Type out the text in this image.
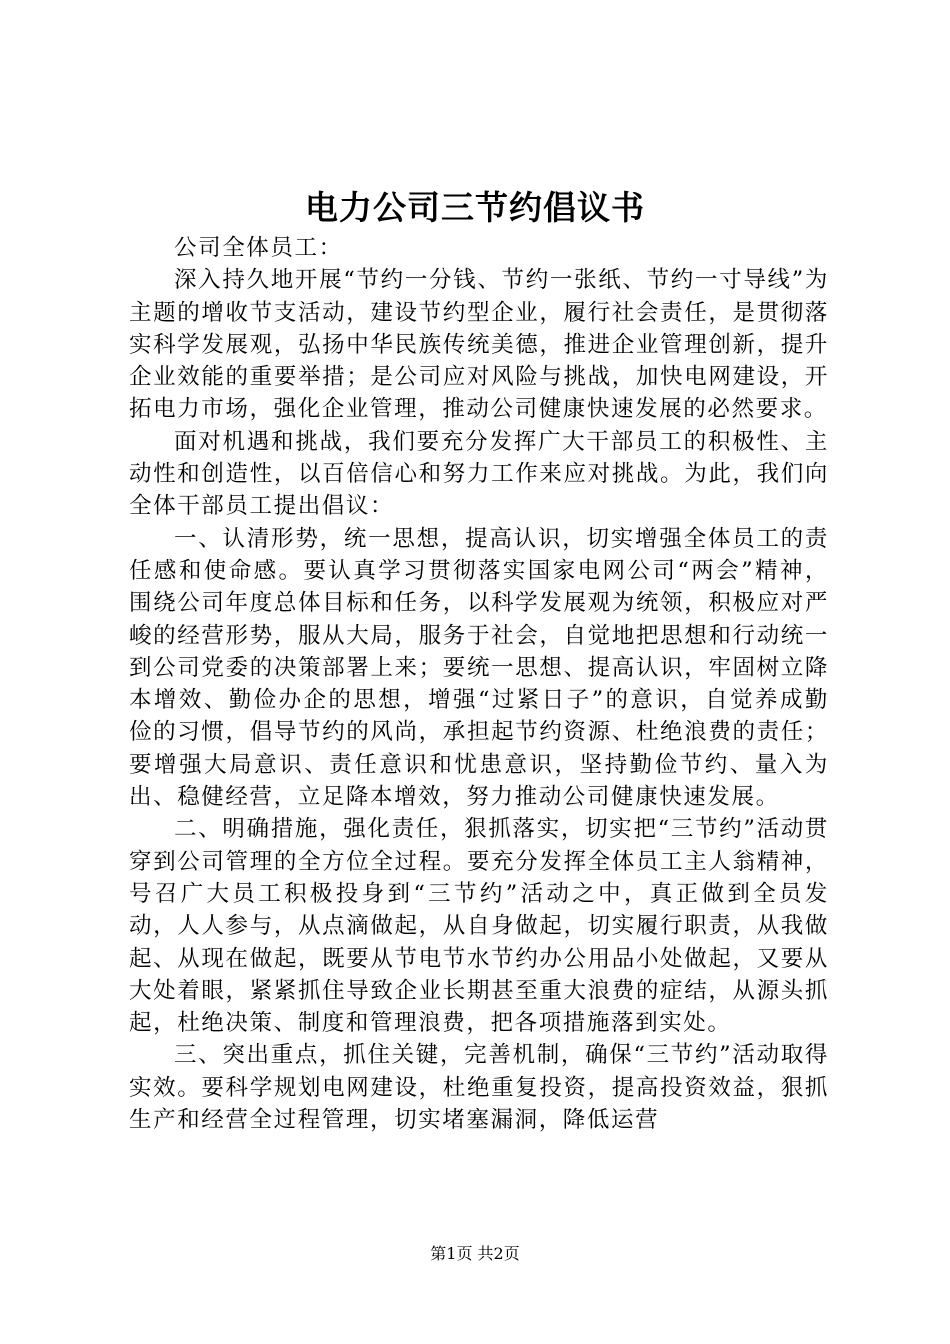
电力公司三节约倡议书

公司全体员工：

深入持久地开展“节约一分钱、节约一张纸、节约一寸导线”为主题的增收节支活动，建设节约型企业，履行社会责任，是贯彻落实科学发展观，弘扬中华民族传统美德，推进企业管理创新，提升企业效能的重要举措；是公司应对风险与挑战，加快电网建设，开拓电力市场，强化企业管理，推动公司健康快速发展的必然要求。

面对机遇和挑战，我们要充分发挥广大干部员工的积极性、主动性和创造性，以百倍信心和努力工作来应对挑战。为此，我们向全体干部员工提出倡议：

一、认清形势，统一思想，提高认识，切实增强全体员工的责任感和使命感。要认真学习贯彻落实国家电网公司“两会”精神，围绕公司年度总体目标和任务，以科学发展观为统领，积极应对严峻的经营形势，服从大局，服务于社会，自觉地把思想和行动统一到公司党委的决策部署上来；要统一思想、提高认识，牢固树立降本增效、勤俭办企的思想，增强“过紧日子”的意识，自觉养成勤俭的习惯，倡导节约的风尚，承担起节约资源、杜绝浪费的责任；要增强大局意识、责任意识和忧患意识，坚持勤俭节约、量入为出、稳健经营，立足降本增效，努力推动公司健康快速发展。

二、明确措施，强化责任，狠抓落实，切实把“三节约”活动贯穿到公司管理的全方位全过程。要充分发挥全体员工主人翁精神，号召广大员工积极投身到“三节约”活动之中，真正做到全员发动，人人参与，从点滴做起，从自身做起，切实履行职责，从我做起、从现在做起，既要从节电节水节约办公用品小处做起，又要从大处着眼，紧紧抓住导致企业长期甚至重大浪费的症结，从源头抓起，杜绝决策、制度和管理浪费，把各项措施落到实处。

三、突出重点，抓住关键，完善机制，确保“三节约”活动取得实效。要科学规划电网建设，杜绝重复投资，提高投资效益，狠抓生产和经营全过程管理，切实堵塞漏洞，降低运营

第1页 共2页
